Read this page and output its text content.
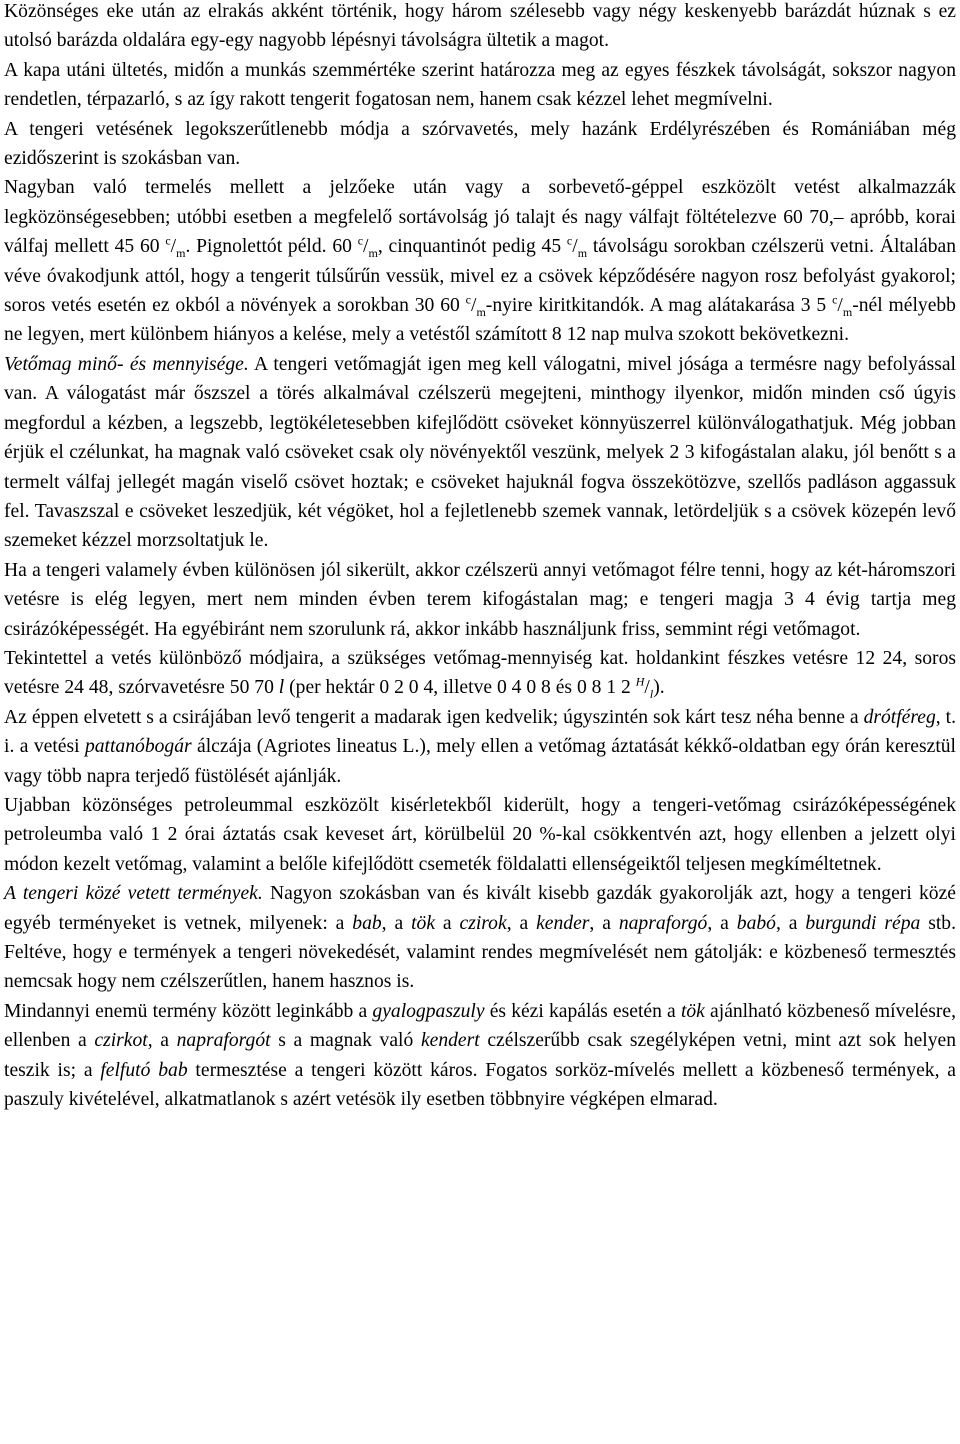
Közönséges eke után az elrakás akként történik, hogy három szélesebb vagy négy keskenyebb barázdát húznak s ez utolsó barázda oldalára egy-egy nagyobb lépésnyi távolságra ültetik a magot.

A kapa utáni ültetés, midőn a munkás szemmértéke szerint határozza meg az egyes fészkek távolságát, sokszor nagyon rendetlen, térpazarló, s az így rakott tengerit fogatosan nem, hanem csak kézzel lehet megmívelni.

A tengeri vetésének legokszerűtlenebb módja a szórvavetés, mely hazánk Erdélyrészében és Romániában még ezidőszerint is szokásban van.

Nagyban való termelés mellett a jelzőeke után vagy a sorbevető-géppel eszközölt vetést alkalmazzák legközönségesebben; utóbbi esetben a megfelelő sortávolság jó talajt és nagy válfajt föltételezve 60 70,– apróbb, korai válfaj mellett 45 60 $^c/_m$. Pignolettót péld. 60 $^c/_m$, cinquantinót pedig 45 $^c/_m$ távolságu sorokban czélszerü vetni. Általában véve óvakodjunk attól, hogy a tengerit túlsűrűn vessük, mivel ez a csövek képződésére nagyon rosz befolyást gyakorol; soros vetés esetén ez okból a növények a sorokban 30 60 $^c/_m$-nyire kiritkitandók. A mag alátakarása 3 5 $^c/_m$-nél mélyebb ne legyen, mert különbem hiányos a kelése, mely a vetéstől számított 8 12 nap mulva szokott bekövetkezni.

Vetőmag minő- és mennyisége. A tengeri vetőmagját igen meg kell válogatni, mivel jósága a termésre nagy befolyással van. A válogatást már őszszel a törés alkalmával czélszerü megejteni, minthogy ilyenkor, midőn minden cső úgyis megfordul a kézben, a legszebb, legtökéletesebben kifejlődött csöveket könnyüszerrel különválogathatjuk. Még jobban érjük el czélunkat, ha magnak való csöveket csak oly növényektől veszünk, melyek 2 3 kifogástalan alaku, jól benőtt s a termelt válfaj jellegét magán viselő csövet hoztak; e csöveket hajuknál fogva összekötözve, szellős padláson aggassuk fel. Tavaszszal e csöveket leszedjük, két végöket, hol a fejletlenebb szemek vannak, letördeljük s a csövek közepén levő szemeket kézzel morzsoltatjuk le.

Ha a tengeri valamely évben különösen jól sikerült, akkor czélszerü annyi vetőmagot félre tenni, hogy az két-háromszori vetésre is elég legyen, mert nem minden évben terem kifogástalan mag; e tengeri magja 3 4 évig tartja meg csirázóképességét. Ha egyébiránt nem szorulunk rá, akkor inkább használjunk friss, semmint régi vetőmagot.

Tekintettel a vetés különböző módjaira, a szükséges vetőmag-mennyiség kat. holdankint fészkes vetésre 12 24, soros vetésre 24 48, szórvavetésre 50 70 l (per hektár 0 2 0 4, illetve 0 4 0 8 és 0 8 1 2 $^H/_l$).

Az éppen elvetett s a csirájában levő tengerit a madarak igen kedvelik; úgyszintén sok kárt tesz néha benne a drótféreg, t. i. a vetési pattanóbogár álczája (Agriotes lineatus L.), mely ellen a vetőmag áztatását kékkő-oldatban egy órán keresztül vagy több napra terjedő füstölését ajánlják.

Ujabban közönséges petroleummal eszközölt kisérletekből kiderült, hogy a tengeri-vetőmag csirázóképességének petroleumba való 1 2 órai áztatás csak keveset árt, körülbelül 20 %-kal csökkentvén azt, hogy ellenben a jelzett olyi módon kezelt vetőmag, valamint a belőle kifejlődött csemeték földalatti ellenségeiktől teljesen megkíméltetnek.

A tengeri közé vetett termények. Nagyon szokásban van és kivált kisebb gazdák gyakorolják azt, hogy a tengeri közé egyéb terményeket is vetnek, milyenek: a bab, a tök a czirok, a kender, a napraforgó, a babó, a burgundi répa stb. Feltéve, hogy e termények a tengeri növekedését, valamint rendes megmívelését nem gátolják: e közbeneső termesztés nemcsak hogy nem czélszerűtlen, hanem hasznos is.

Mindannyi enemü termény között leginkább a gyalogpaszuly és kézi kapálás esetén a tök ajánlható közbeneső mívelésre, ellenben a czirkot, a napraforgót s a magnak való kendert czélszerűbb csak szegélyképen vetni, mint azt sok helyen teszik is; a felfutó bab termesztése a tengeri között káros. Fogatos sorköz-mívelés mellett a közbeneső termények, a paszuly kivételével, alkatmatlanok s azért vetésök ily esetben többnyire végképen elmarad.
